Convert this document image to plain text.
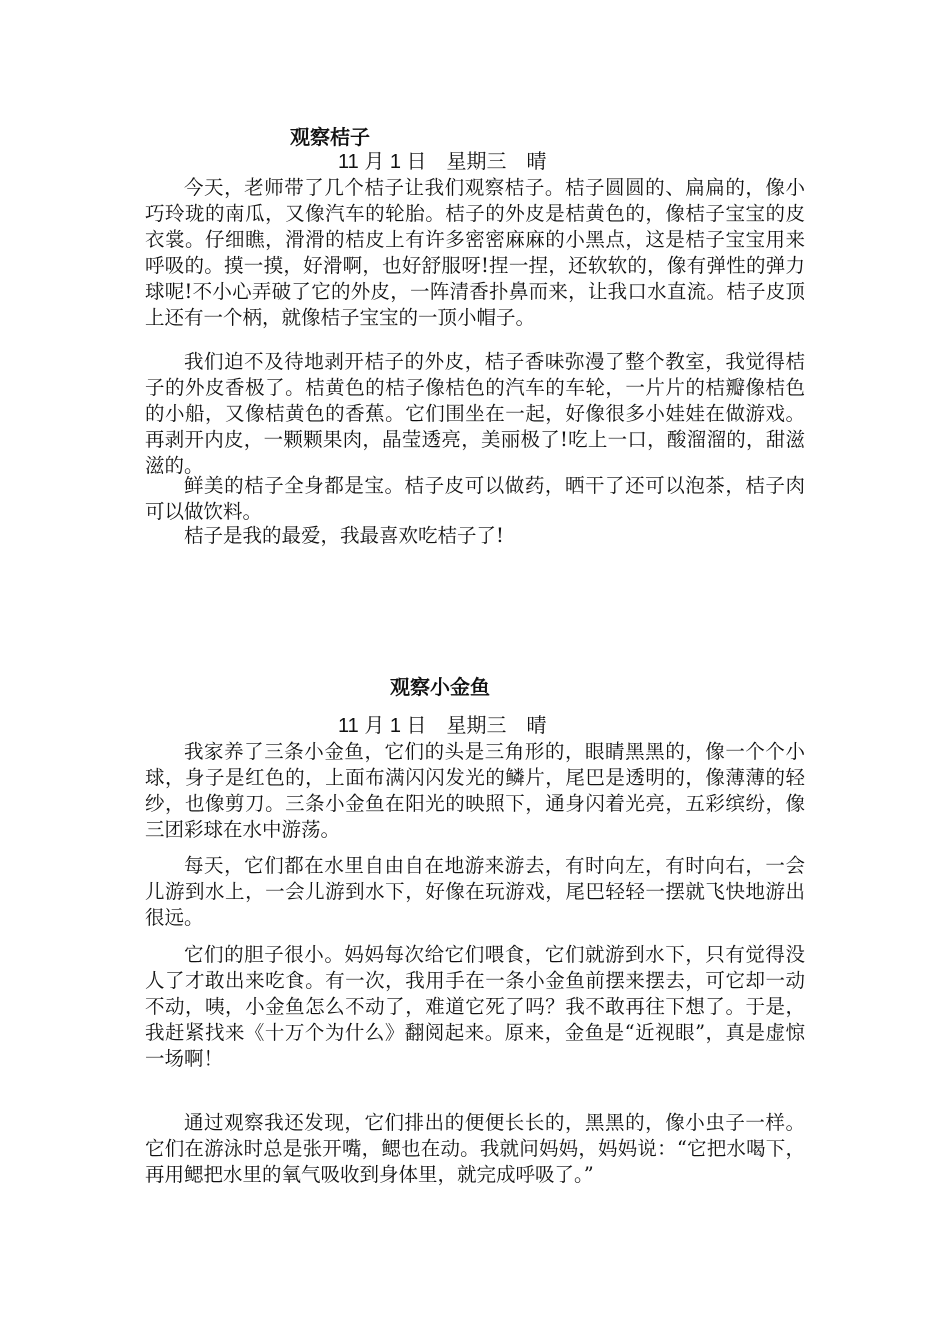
观察桔子
11 月 1 日　星期三　晴

今天，老师带了几个桔子让我们观察桔子。桔子圆圆的、扁扁的，像小巧玲珑的南瓜，又像汽车的轮胎。桔子的外皮是桔黄色的，像桔子宝宝的皮衣裳。仔细瞧，滑滑的桔皮上有许多密密麻麻的小黑点，这是桔子宝宝用来呼吸的。摸一摸，好滑啊，也好舒服呀!捏一捏，还软软的，像有弹性的弹力球呢!不小心弄破了它的外皮，一阵清香扑鼻而来，让我口水直流。桔子皮顶上还有一个柄，就像桔子宝宝的一顶小帽子。

我们迫不及待地剥开桔子的外皮，桔子香味弥漫了整个教室，我觉得桔子的外皮香极了。桔黄色的桔子像桔色的汽车的车轮，一片片的桔瓣像桔色的小船，又像桔黄色的香蕉。它们围坐在一起，好像很多小娃娃在做游戏。再剥开内皮，一颗颗果肉，晶莹透亮，美丽极了!吃上一口，酸溜溜的，甜滋滋的。

鲜美的桔子全身都是宝。桔子皮可以做药，晒干了还可以泡茶，桔子肉可以做饮料。

桔子是我的最爱，我最喜欢吃桔子了!

观察小金鱼
11 月 1 日　星期三　晴

我家养了三条小金鱼，它们的头是三角形的，眼睛黑黑的，像一个个小球，身子是红色的，上面布满闪闪发光的鳞片，尾巴是透明的，像薄薄的轻纱，也像剪刀。三条小金鱼在阳光的映照下，通身闪着光亮，五彩缤纷，像三团彩球在水中游荡。

每天，它们都在水里自由自在地游来游去，有时向左，有时向右，一会儿游到水上，一会儿游到水下，好像在玩游戏，尾巴轻轻一摆就飞快地游出很远。

它们的胆子很小。妈妈每次给它们喂食，它们就游到水下，只有觉得没人了才敢出来吃食。有一次，我用手在一条小金鱼前摆来摆去，可它却一动不动，咦，小金鱼怎么不动了，难道它死了吗？我不敢再往下想了。于是，我赶紧找来《十万个为什么》翻阅起来。原来，金鱼是“近视眼”，真是虚惊一场啊！

通过观察我还发现，它们排出的便便长长的，黑黑的，像小虫子一样。它们在游泳时总是张开嘴，鳃也在动。我就问妈妈，妈妈说：“它把水喝下，再用鳃把水里的氧气吸收到身体里，就完成呼吸了。”
